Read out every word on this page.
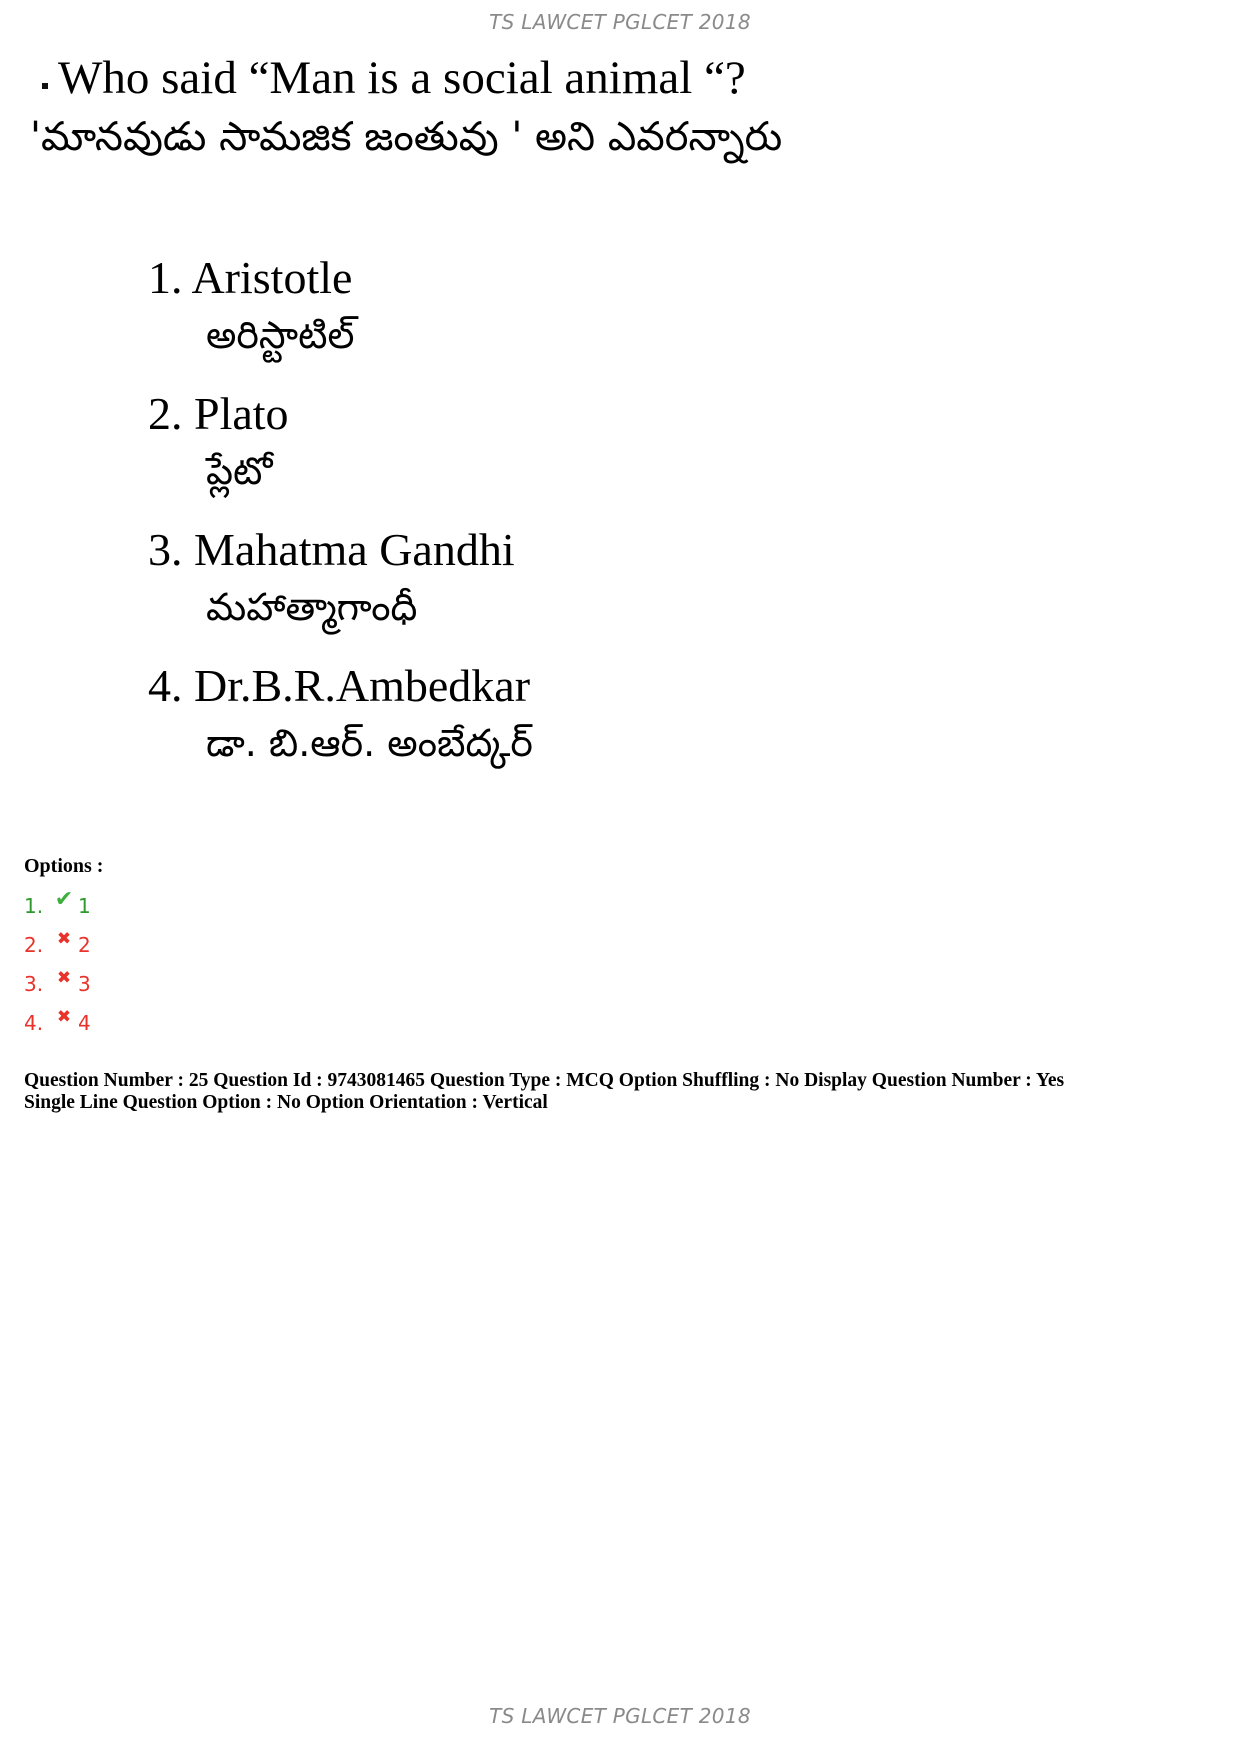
TS LAWCET PGLCET 2018
Who said “Man is a social animal “?
'మానవుడు సామజిక జంతువు ' అని ఎవరన్నారు
1. Aristotle
అరిస్టాటిల్
2. Plato
ప్లేటో
3. Mahatma Gandhi
మహాత్మాగాంధీ
4. Dr.B.R.Ambedkar
డా. బి.ఆర్. అంబేద్కర్
Options :
1. ✔ 1
2. ✖ 2
3. ✖ 3
4. ✖ 4
Question Number : 25 Question Id : 9743081465 Question Type : MCQ Option Shuffling : No Display Question Number : Yes
Single Line Question Option : No Option Orientation : Vertical
TS LAWCET PGLCET 2018
